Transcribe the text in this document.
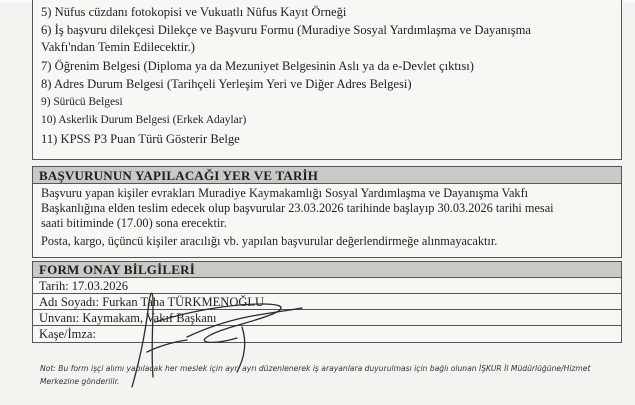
5) Nüfus cüzdanı fotokopisi ve Vukuatlı Nüfus Kayıt Örneği
6) İş başvuru dilekçesi Dilekçe ve Başvuru Formu (Muradiye Sosyal Yardımlaşma ve Dayanışma
Vakfı'ndan Temin Edilecektir.)
7) Öğrenim Belgesi (Diploma ya da Mezuniyet Belgesinin Aslı ya da e-Devlet çıktısı)
8) Adres Durum Belgesi (Tarihçeli Yerleşim Yeri ve Diğer Adres Belgesi)
9) Sürücü Belgesi
10) Askerlik Durum Belgesi (Erkek Adaylar)
11) KPSS P3 Puan Türü Gösterir Belge
BAŞVURUNUN YAPILACAĞI YER VE TARİH
Başvuru yapan kişiler evrakları Muradiye Kaymakamlığı Sosyal Yardımlaşma ve Dayanışma Vakfı
Başkanlığına elden teslim edecek olup başvurular 23.03.2026 tarihinde başlayıp 30.03.2026 tarihi mesai
saati bitiminde (17.00) sona erecektir.
Posta, kargo, üçüncü kişiler aracılığı vb. yapılan başvurular değerlendirmeğe alınmayacaktır.
FORM ONAY BİLGİLERİ
Tarih: 17.03.2026
Adı Soyadı: Furkan Taha TÜRKMENOĞLU
Unvanı: Kaymakam, Vakıf Başkanı
Kaşe/İmza:
Not: Bu form işçi alımı yapılacak her meslek için ayrı ayrı düzenlenerek iş arayanlara duyurulması için bağlı olunan İŞKUR İl Müdürlüğüne/Hizmet
Merkezine gönderilir.
